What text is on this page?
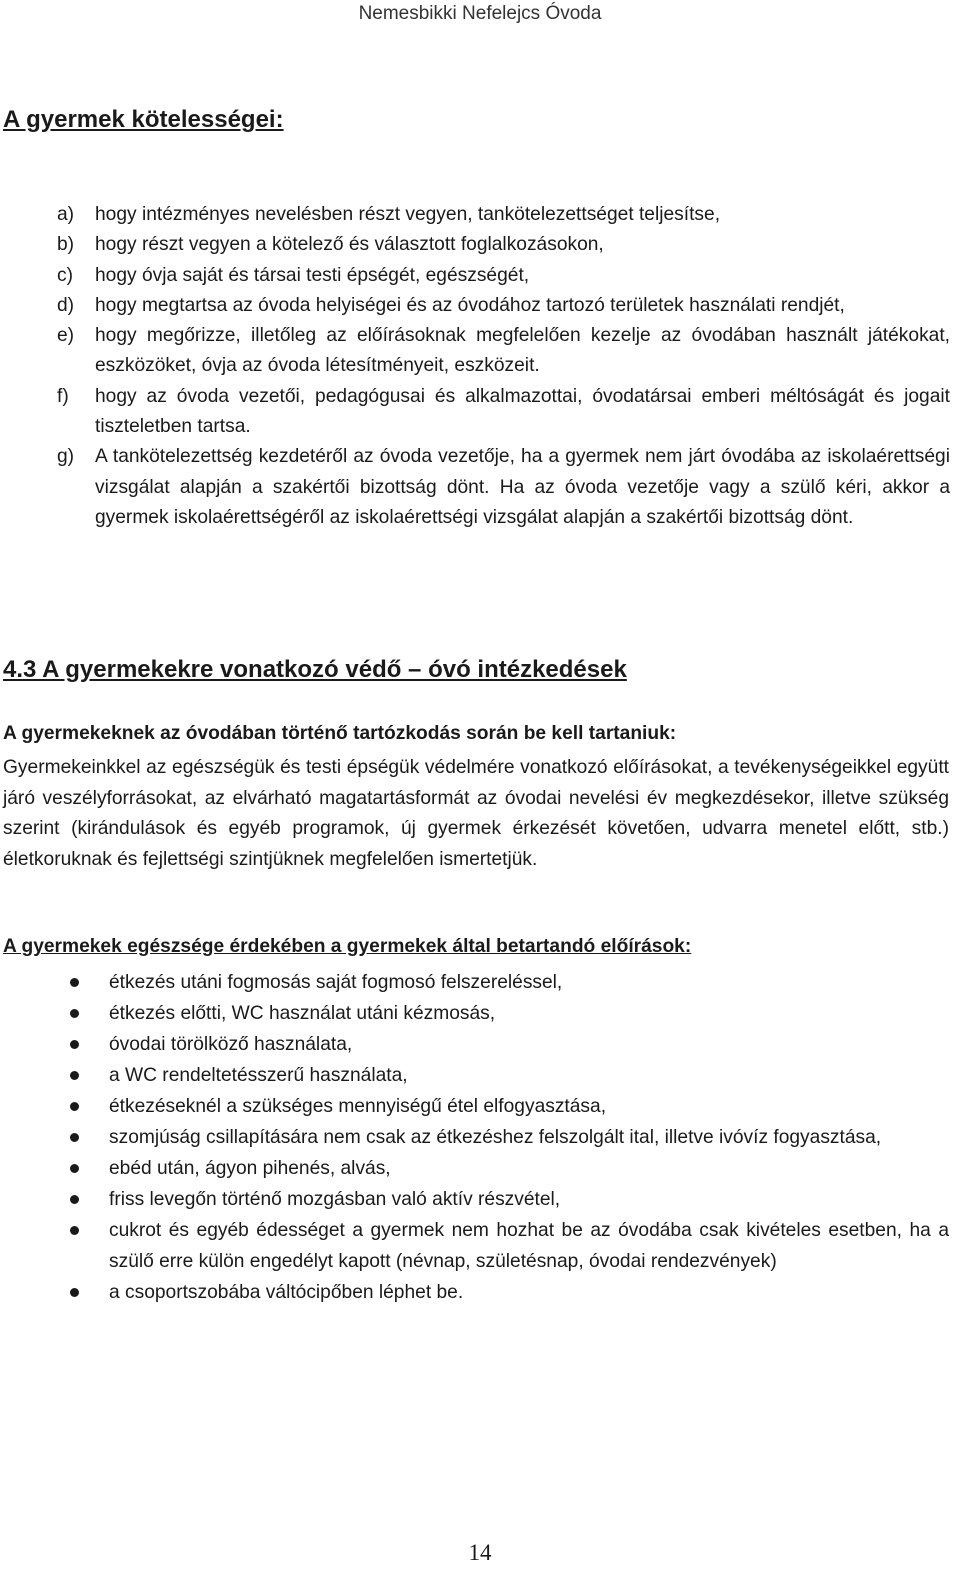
Nemesbikki Nefelejcs Óvoda
A gyermek kötelességei:
a)	hogy intézményes nevelésben részt vegyen, tankötelezettséget teljesítse,
b)	hogy részt vegyen a kötelező és választott foglalkozásokon,
c)	hogy óvja saját és társai testi épségét, egészségét,
d)	hogy megtartsa az óvoda helyiségei és az óvodához tartozó területek használati rendjét,
e)	hogy megőrizze, illetőleg az előírásoknak megfelelően kezelje az óvodában használt játékokat, eszközöket, óvja az óvoda létesítményeit, eszközeit.
f)	hogy az óvoda vezetői, pedagógusai és alkalmazottai, óvodatársai emberi méltóságát és jogait tiszteletben tartsa.
g)	A tankötelezettség kezdetéről az óvoda vezetője, ha a gyermek nem járt óvodába az iskolaérettségi vizsgálat alapján a szakértői bizottság dönt. Ha az óvoda vezetője vagy a szülő kéri, akkor a gyermek iskolaérettségéről az iskolaérettségi vizsgálat alapján a szakértői bizottság dönt.
4.3 A gyermekekre vonatkozó védő – óvó intézkedések

A gyermekeknek az óvodában történő tartózkodás során be kell tartaniuk:

Gyermekeinkkel az egészségük és testi épségük védelmére vonatkozó előírásokat, a tevékenységeikkel együtt járó veszélyforrásokat, az elvárható magatartásformát az óvodai nevelési év megkezdésekor, illetve szükség szerint (kirándulások és egyéb programok, új gyermek érkezését követően, udvarra menetel előtt, stb.) életkoruknak és fejlettségi szintjüknek megfelelően ismertetjük.

A gyermekek egészsége érdekében a gyermekek által betartandó előírások:

étkezés utáni fogmosás saját fogmosó felszereléssel,
étkezés előtti, WC használat utáni kézmosás,
óvodai törölköző használata,
a WC rendeltetésszerű használata,
étkezéseknél a szükséges mennyiségű étel elfogyasztása,
szomjúság csillapítására nem csak az étkezéshez felszolgált ital, illetve ivóvíz fogyasztása,
ebéd után, ágyon pihenés, alvás,
friss levegőn történő mozgásban való aktív részvétel,
cukrot és egyéb édességet a gyermek nem hozhat be az óvodába csak kivételes esetben, ha a szülő erre külön engedélyt kapott (névnap, születésnap, óvodai rendezvények)
a csoportszobába váltócipőben léphet be.
14
